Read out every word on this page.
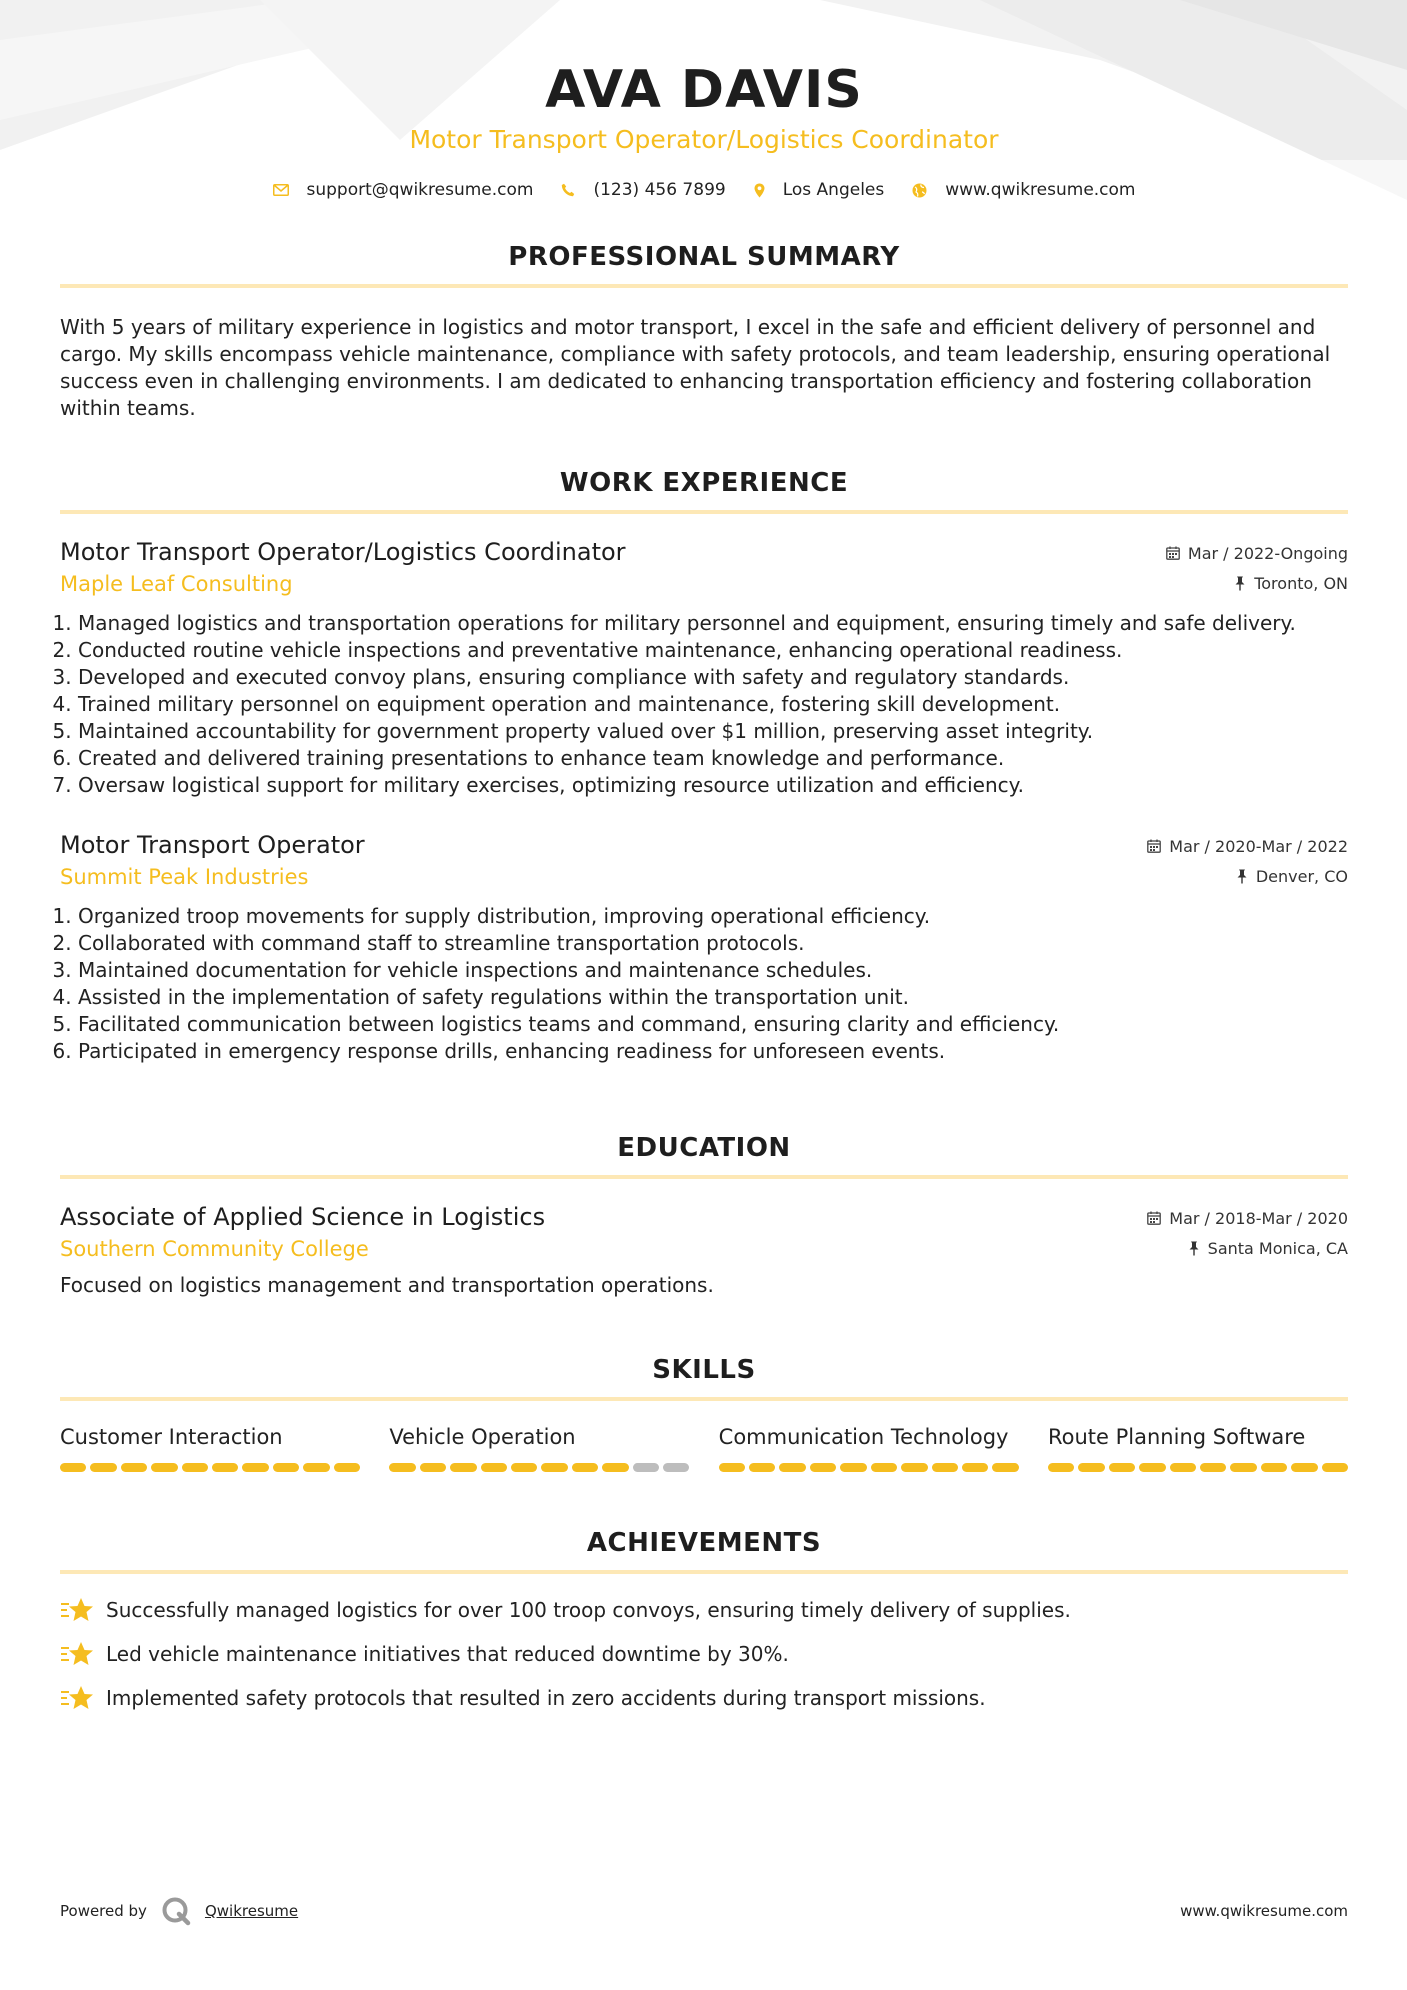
AVA DAVIS
Motor Transport Operator/Logistics Coordinator
support@qwikresume.com	(123) 456 7899	Los Angeles	www.qwikresume.com
PROFESSIONAL SUMMARY

With 5 years of military experience in logistics and motor transport, I excel in the safe and efficient delivery of personnel and cargo. My skills encompass vehicle maintenance, compliance with safety protocols, and team leadership, ensuring operational success even in challenging environments. I am dedicated to enhancing transportation efficiency and fostering collaboration within teams.

WORK EXPERIENCE
Motor Transport Operator/Logistics Coordinator	Mar / 2022-Ongoing
Maple Leaf Consulting	Toronto, ON
1. Managed logistics and transportation operations for military personnel and equipment, ensuring timely and safe delivery.
2. Conducted routine vehicle inspections and preventative maintenance, enhancing operational readiness.
3. Developed and executed convoy plans, ensuring compliance with safety and regulatory standards.
4. Trained military personnel on equipment operation and maintenance, fostering skill development.
5. Maintained accountability for government property valued over $1 million, preserving asset integrity.
6. Created and delivered training presentations to enhance team knowledge and performance.
7. Oversaw logistical support for military exercises, optimizing resource utilization and efficiency.
Motor Transport Operator	Mar / 2020-Mar / 2022
Summit Peak Industries	Denver, CO
1. Organized troop movements for supply distribution, improving operational efficiency.
2. Collaborated with command staff to streamline transportation protocols.
3. Maintained documentation for vehicle inspections and maintenance schedules.
4. Assisted in the implementation of safety regulations within the transportation unit.
5. Facilitated communication between logistics teams and command, ensuring clarity and efficiency.
6. Participated in emergency response drills, enhancing readiness for unforeseen events.
EDUCATION
Associate of Applied Science in Logistics	Mar / 2018-Mar / 2020
Southern Community College	Santa Monica, CA

Focused on logistics management and transportation operations.

SKILLS
Customer Interaction	Vehicle Operation	Communication Technology	Route Planning Software
ACHIEVEMENTS
Successfully managed logistics for over 100 troop convoys, ensuring timely delivery of supplies.
Led vehicle maintenance initiatives that reduced downtime by 30%.
Implemented safety protocols that resulted in zero accidents during transport missions.
Powered by	Qwikresume	www.qwikresume.com
